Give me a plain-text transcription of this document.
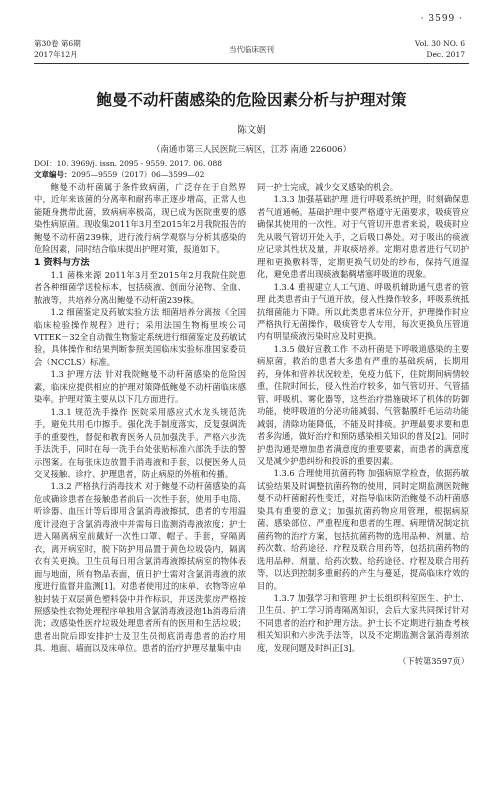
· 3599 ·
第30卷 第6期
2017年12月
当代临床医刊
Vol. 30 NO. 6
Dec. 2017
鲍曼不动杆菌感染的危险因素分析与护理对策
陈文娟
（南通市第三人民医院三病区，江苏 南通 226006）
DOI：10. 3969/j. issn. 2095 - 9559. 2017. 06. 088
文章编号：2095—9559（2017）06—3599—02

鲍曼不动杆菌属于条件致病菌，广泛存在于自然界中，近年来该菌的分离率和耐药率正逐步增高，正常人也能随身携带此菌，致病病率极高，现已成为医院重要的感染性病原菌。现收集2011年3月至2015年2月我院报告的鲍曼不动杆菌239株，进行流行病学观察与分析其感染的危险因素，同时结合临床提出护理对策，报道如下。

1 资料与方法

1.1 菌株来源 2011年3月至2015年2月我院住院患者各种细菌学送检标本，包括痰液、创面分泌物、全血、脓液等，共培养分离出鲍曼不动杆菌239株。

1.2 细菌鉴定及药敏实验方法 细菌培养分离按《全国临床检验操作规程》进行；采用法国生物梅里埃公司VITEK－32全自动微生物鉴定系统进行细菌鉴定及药敏试验，具体操作和结果判断参照美国临床实验标准国家委员会（NCCLS）标准。

1.3 护理方法 针对我院鲍曼不动杆菌感染的危险因素，临床应提供相应的护理对策降低鲍曼不动杆菌临床感染率。护理对策主要从以下几方面进行。

1.3.1 规范洗手操作 医院采用感应式水龙头规范洗手，避免共用毛巾擦手。强化洗手制度落实，反复强调洗手的重要性，督促和教育医务人员加强洗手。严格六步洗手法洗手，同时在每一洗手台处张贴标准六部洗手法的警示图案。在每张床边放置手消毒液和手套，以便医务人员交叉接触、诊疗、护理患者，防止病原的外植和传播。

1.3.2 严格执行消毒技术 对于鲍曼不动杆菌感染的高危或确诊患者在接触患者前后一次性手套，使用手电筒、听诊器、血压计等后即用含氯消毒液擦拭，患者的专用温度计浸泡于含氯消毒液中并需每日监测消毒液浓度；护士进入隔离病室前戴好一次性口罩、帽子、手套，穿隔离衣，离开病室时，脱下防护用品置于黄色垃圾袋内，隔离衣有关更换。卫生员每日用含氯消毒液擦拭病室的物体表面与地面，所有物品表面，值日护士需对含氯消毒液的浓度进行监督并监测[1]。对患者使用过的床单、衣物等应单独封装于双层黄色塑料袋中并作标识，并送洗浆房严格按照感染性衣物处理程序单独用含氯消毒液浸泡1h消毒后清洗；改感染性医疗垃圾处理患者所有的医用和生活垃圾；患者出院后即安排护士及卫生员彻底消毒患者的治疗用具、地面、墙面以及床单位。患者的治疗护理尽量集中由

同一护士完成，减少交叉感染的机会。

1.3.3 加强基础护理 进行呼吸系统护理，时刻确保患者气道通畅。基础护理中要严格遵守无菌要求，吸痰管应确保其使用的一次性。对于气管切开患者来说，吸痰时应先从吸气管切开处入手，之后吸口鼻处。对于吸出的痰液应记录其性状及量，并取痰培养。定期对患者进行气切护理和更换敷料等，定期更换气切处的纱布，保持气道湿化，避免患者出现痰液黏稠堵塞呼吸道的现象。

1.3.4 重视建立人工气道、呼吸机辅助通气患者的管理 此类患者由于气道开放，侵入性操作较多，呼吸系统抵抗细菌能力下降。所以此类患者床位分开，护理操作时应严格执行无菌操作，吸痰管专人专用，每次更换负压管道内有明显痰液污染时应及时更换。

1.3.5 做好宣教工作 不动杆菌是下呼吸道感染的主要病原菌，救治的患者大多患有严重的基础疾病，长期用药，身体和营养状况较差，免疫力低下，住院期间病情较重，住院时间长，侵入性治疗较多，如气管切开、气管插管、呼吸机、雾化器等，这些治疗措施破坏了机体的防御功能，使呼吸道的分泌功能减弱、气管黏膜纤毛运动功能减弱，清除功能降低，不能及时排痰。护理最要求要和患者多沟通，做好治疗和预防感染相关知识的普及[2]。同时护患沟通是增加患者满意度的重要要素，而患者的满意度又是减少护患纠纷和投诉的重要因素。

1.3.6 合理使用抗菌药物 加强病原学检查，依据药敏试验结果及时调整抗菌药物的使用，同时定期监测医院鲍曼不动杆菌耐药性变迁，对指导临床防治鲍曼不动杆菌感染具有重要的意义；加强抗菌药物应用管理，根据病原菌、感染部位、严重程度和患者的生理、病理情况制定抗菌药物的治疗方案，包括抗菌药物的选用品种、剂量、给药次数、给药途径、疗程及联合用药等，包括抗菌药物的选用品种、剂量、给药次数、给药途径、疗程及联合用药等，以达到控制多重耐药的产生与蔓延，提高临床疗效的目的。

1.3.7 加强学习和管理 护士长组织科室医生、护士、卫生员、护工学习消毒隔离知识，会后大家共同探讨针对不同患者的治疗和护理方法。护士长不定期进行抽查考核相关知识和六步洗手法等，以及不定期监测含氯消毒剂浓度，发现问题及时纠正[3]。

（下转第3597页）
